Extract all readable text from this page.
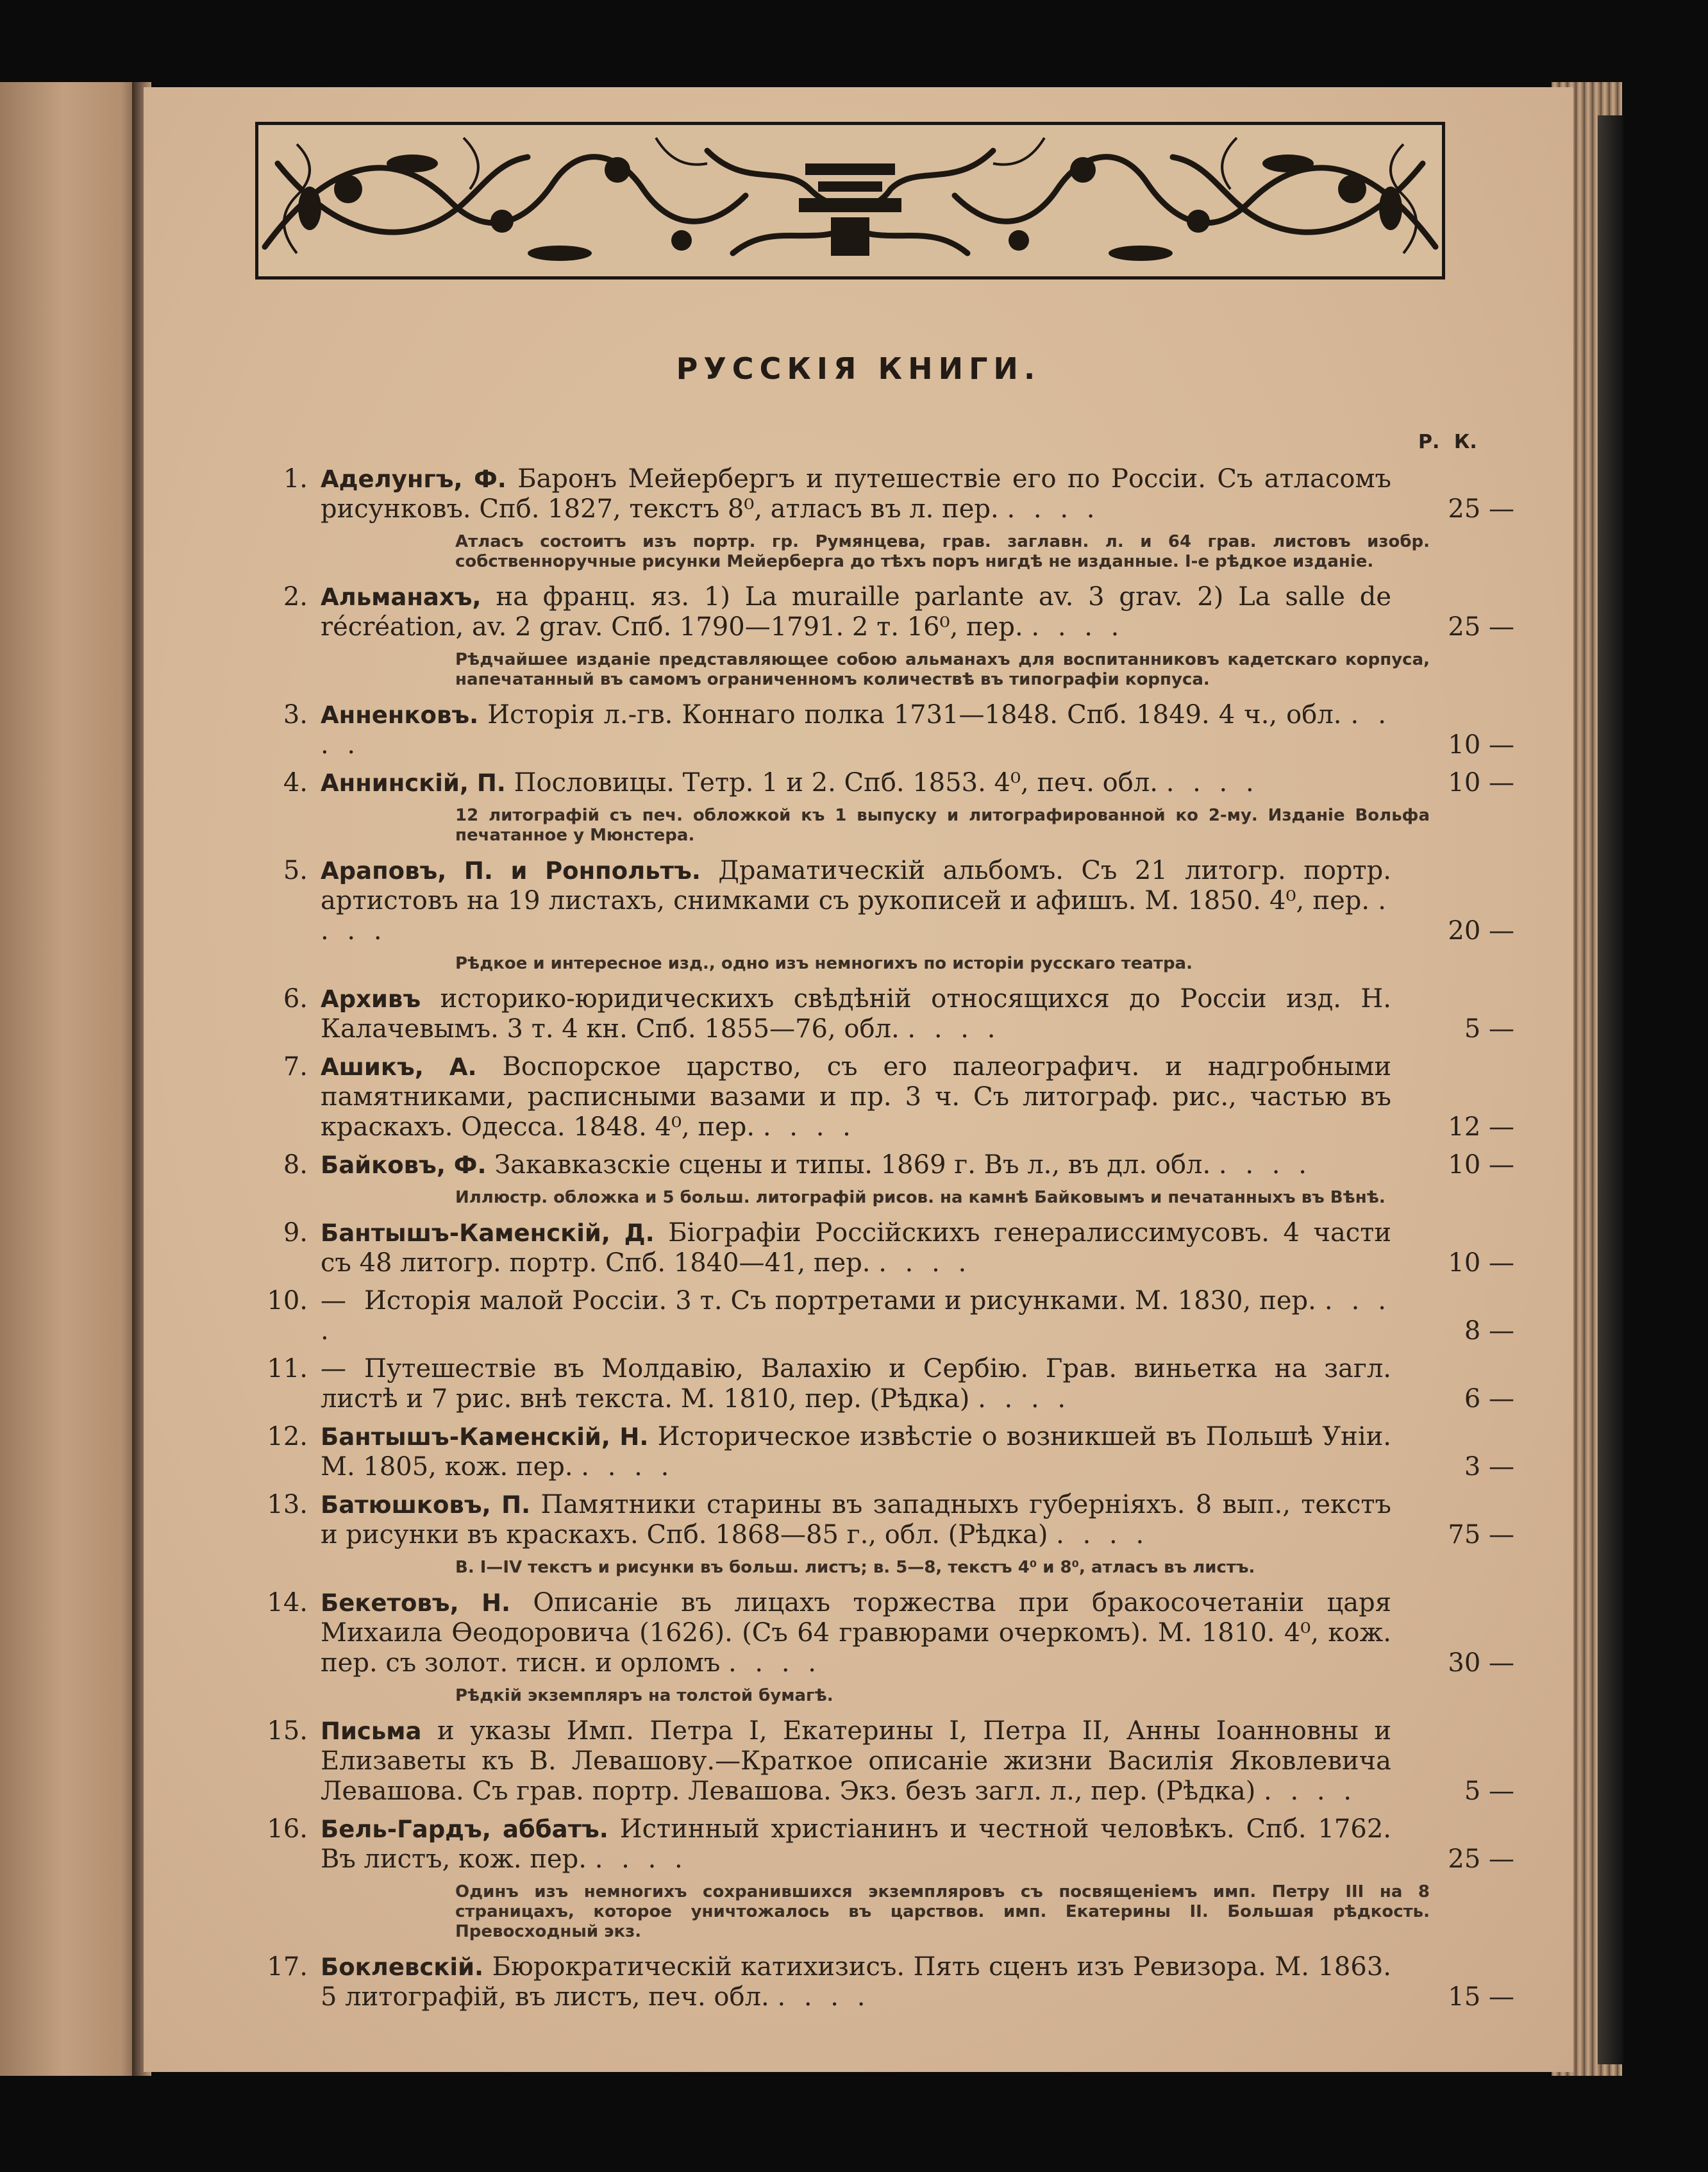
РУССКІЯ КНИГИ.
Р. К.
1. Аделунгъ, Ф. Баронъ Мейербергъ и путешествіе его по Россіи. Съ атласомъ рисунковъ. Спб. 1827, текстъ 8⁰, атласъ въ л. пер. . . . .	25 —
Атласъ состоитъ изъ портр. гр. Румянцева, грав. заглавн. л. и 64 грав. листовъ изобр. собственноручные рисунки Мейерберга до тѣхъ поръ нигдѣ не изданные. І-е рѣдкое изданіе.
2. Альманахъ, на франц. яз. 1) La muraille parlante av. 3 grav. 2) La salle de récréation, av. 2 grav. Спб. 1790—1791. 2 т. 16⁰, пер. . . . .	25 —
Рѣдчайшее изданіе представляющее собою альманахъ для воспитанниковъ кадетскаго корпуса, напечатанный въ самомъ ограниченномъ количествѣ въ типографіи корпуса.
3. Анненковъ. Исторія л.-гв. Коннаго полка 1731—1848. Спб. 1849. 4 ч., обл. . . . .	10 —
4. Аннинскій, П. Пословицы. Тетр. 1 и 2. Спб. 1853. 4⁰, печ. обл. . . . .	10 —
12 литографій съ печ. обложкой къ 1 выпуску и литографированной ко 2-му. Изданіе Вольфа печатанное у Мюнстера.
5. Араповъ, П. и Ронпольтъ. Драматическій альбомъ. Съ 21 литогр. портр. артистовъ на 19 листахъ, снимками съ рукописей и афишъ. М. 1850. 4⁰, пер. . . . .	20 —
Рѣдкое и интересное изд., одно изъ немногихъ по исторіи русскаго театра.
6. Архивъ историко-юридическихъ свѣдѣній относящихся до Россіи изд. Н. Калачевымъ. 3 т. 4 кн. Спб. 1855—76, обл. . . . .	5 —
7. Ашикъ, А. Воспорское царство, съ его палеографич. и надгробными памятниками, расписными вазами и пр. 3 ч. Съ литограф. рис., частью въ краскахъ. Одесса. 1848. 4⁰, пер. . . . .	12 —
8. Байковъ, Ф. Закавказскіе сцены и типы. 1869 г. Въ л., въ дл. обл. . . . .	10 —
Иллюстр. обложка и 5 больш. литографій рисов. на камнѣ Байковымъ и печатанныхъ въ Вѣнѣ.
9. Бантышъ-Каменскій, Д. Біографіи Россійскихъ генералиссимусовъ. 4 части съ 48 литогр. портр. Спб. 1840—41, пер. . . . .	10 —
10. — Исторія малой Россіи. 3 т. Съ портретами и рисунками. М. 1830, пер. . . . .	8 —
11. — Путешествіе въ Молдавію, Валахію и Сербію. Грав. виньетка на загл. листѣ и 7 рис. внѣ текста. М. 1810, пер. (Рѣдка) . . . .	6 —
12. Бантышъ-Каменскій, Н. Историческое извѣстіе о возникшей въ Польшѣ Уніи. М. 1805, кож. пер. . . . .	3 —
13. Батюшковъ, П. Памятники старины въ западныхъ губерніяхъ. 8 вып., текстъ и рисунки въ краскахъ. Спб. 1868—85 г., обл. (Рѣдка) . . . .	75 —
В. I—IV текстъ и рисунки въ больш. листъ; в. 5—8, текстъ 4⁰ и 8⁰, атласъ въ листъ.
14. Бекетовъ, Н. Описаніе въ лицахъ торжества при бракосочетаніи царя Михаила Өеодоровича (1626). (Съ 64 гравюрами очеркомъ). М. 1810. 4⁰, кож. пер. съ золот. тисн. и орломъ . . . .	30 —
Рѣдкій экземпляръ на толстой бумагѣ.
15. Письма и указы Имп. Петра I, Екатерины I, Петра II, Анны Іоанновны и Елизаветы къ В. Левашову.—Краткое описаніе жизни Василія Яковлевича Левашова. Съ грав. портр. Левашова. Экз. безъ загл. л., пер. (Рѣдка) . . . .	5 —
16. Бель-Гардъ, аббатъ. Истинный христіанинъ и честной человѣкъ. Спб. 1762. Въ листъ, кож. пер. . . . .	25 —
Одинъ изъ немногихъ сохранившихся экземпляровъ съ посвященіемъ имп. Петру III на 8 страницахъ, которое уничтожалось въ царствов. имп. Екатерины II. Большая рѣдкость. Превосходный экз.
17. Боклевскій. Бюрократическій катихизисъ. Пять сценъ изъ Ревизора. М. 1863. 5 литографій, въ листъ, печ. обл. . . . .	15 —
